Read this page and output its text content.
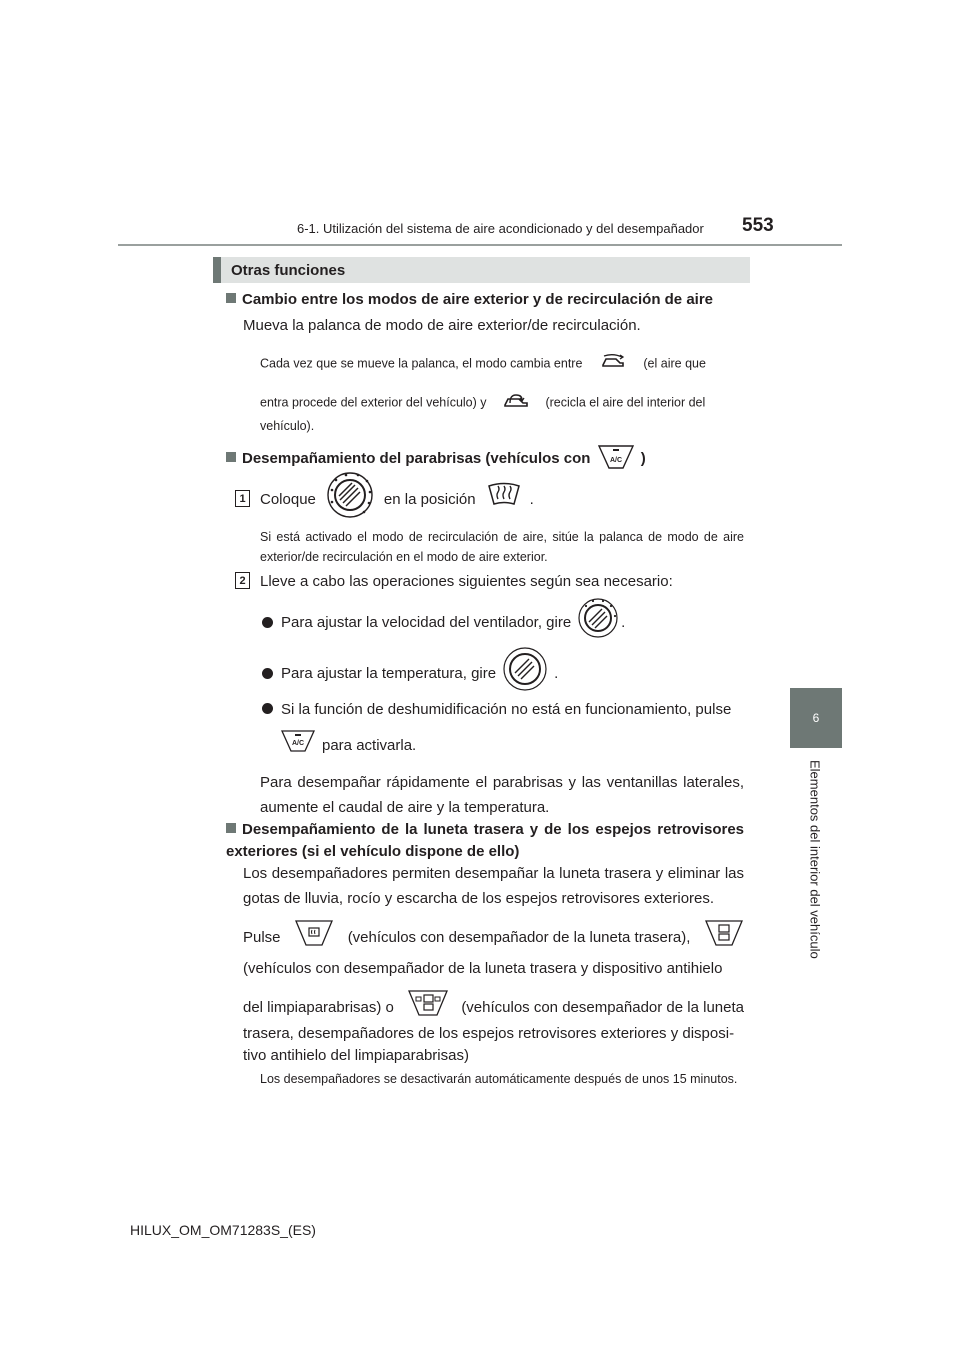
6-1. Utilización del sistema de aire acondicionado y del desempañador 553
6
Elementos del interior del vehículo
Otras funciones
Cambio entre los modos de aire exterior y de recirculación de aire
Mueva la palanca de modo de aire exterior/de recirculación.
Cada vez que se mueve la palanca, el modo cambia entre	(el aire que
entra procede del exterior del vehículo) y	(recicla el aire del interior del
vehículo).
Desempañamiento del parabrisas (vehículos con	A/C )
1 Coloque	en la posición	.
Si está activado el modo de recirculación de aire, sitúe la palanca de modo de aire exterior/de recirculación en el modo de aire exterior.
2 Lleve a cabo las operaciones siguientes según sea necesario:
Para ajustar la velocidad del ventilador, gire	.
Para ajustar la temperatura, gire	.
Si la función de deshumidificación no está en funcionamiento, pulse
A/C para activarla.
Para desempañar rápidamente el parabrisas y las ventanillas laterales, aumente el caudal de aire y la temperatura.
Desempañamiento de la luneta trasera y de los espejos retrovisores exteriores (si el vehículo dispone de ello)
Los desempañadores permiten desempañar la luneta trasera y eliminar las gotas de lluvia, rocío y escarcha de los espejos retrovisores exteriores.
Pulse	(vehículos con desempañador de la luneta trasera),
(vehículos con desempañador de la luneta trasera y dispositivo antihielo
del limpiaparabrisas) o	(vehículos con desempañador de la luneta
trasera, desempañadores de los espejos retrovisores exteriores y disposi-
tivo antihielo del limpiaparabrisas)
Los desempañadores se desactivarán automáticamente después de unos 15 minutos.
HILUX_OM_OM71283S_(ES)
